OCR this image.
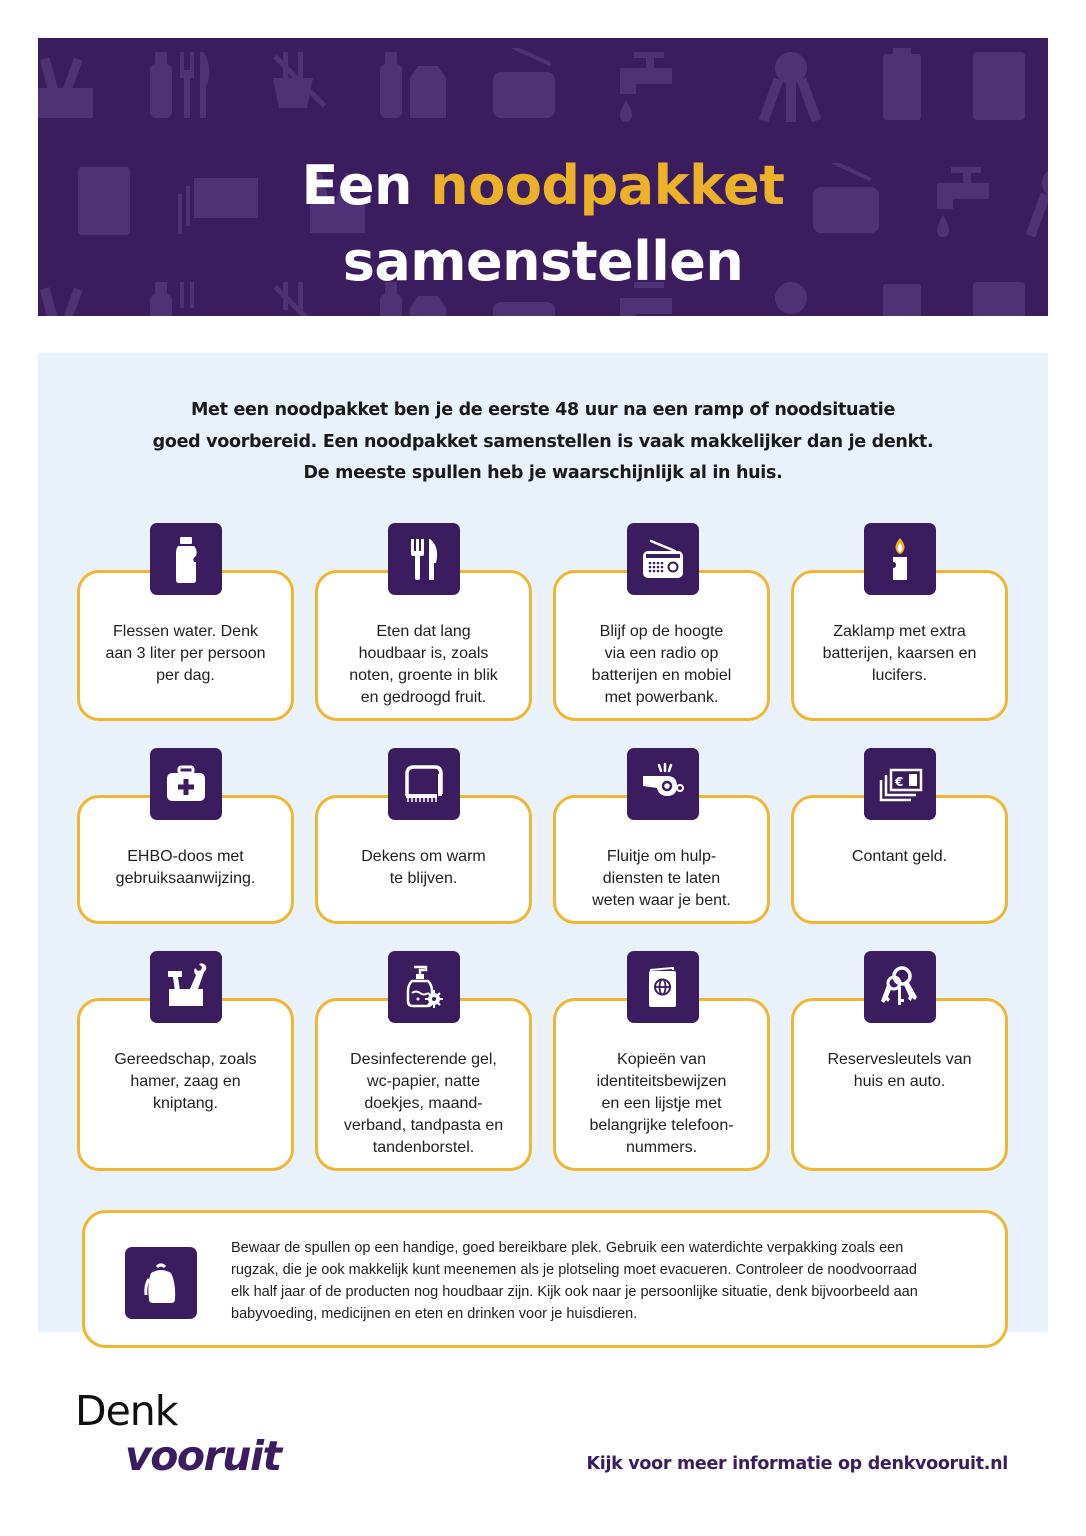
Een noodpakket
samenstellen
Met een noodpakket ben je de eerste 48 uur na een ramp of noodsituatie
goed voorbereid. Een noodpakket samenstellen is vaak makkelijker dan je denkt.
De meeste spullen heb je waarschijnlijk al in huis.
Flessen water. Denk
aan 3 liter per persoon
per dag.
Eten dat lang
houdbaar is, zoals
noten, groente in blik
en gedroogd fruit.
Blijf op de hoogte
via een radio op
batterijen en mobiel
met powerbank.
Zaklamp met extra
batterijen, kaarsen en
lucifers.
EHBO-doos met
gebruiksaanwijzing.
Dekens om warm
te blijven.
Fluitje om hulp-
diensten te laten
weten waar je bent.
Contant geld.
€
Gereedschap, zoals
hamer, zaag en
kniptang.
Desinfecterende gel,
wc-papier, natte
doekjes, maand-
verband, tandpasta en
tandenborstel.
Kopieën van
identiteitsbewijzen
en een lijstje met
belangrijke telefoon-
nummers.
Reservesleutels van
huis en auto.
Bewaar de spullen op een handige, goed bereikbare plek. Gebruik een waterdichte verpakking zoals een
rugzak, die je ook makkelijk kunt meenemen als je plotseling moet evacueren. Controleer de noodvoorraad
elk half jaar of de producten nog houdbaar zijn. Kijk ook naar je persoonlijke situatie, denk bijvoorbeeld aan
babyvoeding, medicijnen en eten en drinken voor je huisdieren.
Denk
vooruit	Kijk voor meer informatie op denkvooruit.nl
